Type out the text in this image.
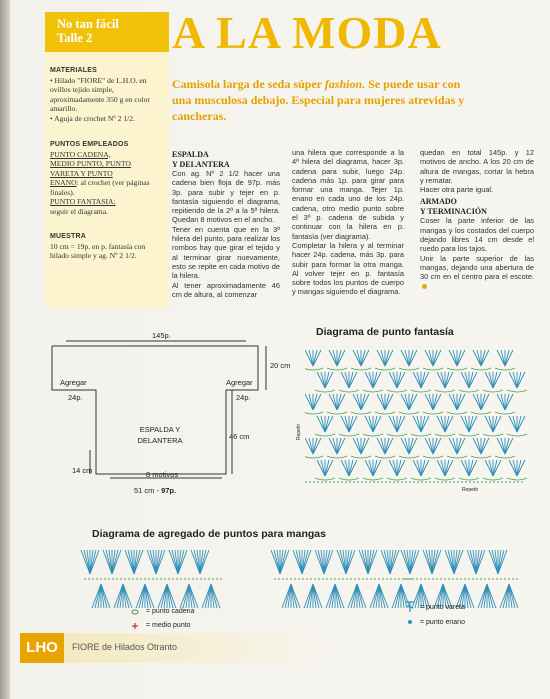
No tan fácil
Talle 2
MATERIALES
• Hilado "FIORE" de L.H.O. en ovillos tejido simple, aproximadamente 350 g en color amarillo.
• Aguja de crochet Nº 2 1/2.
PUNTOS EMPLEADOS
PUNTO CADENA,
MEDIO PUNTO, PUNTO
VARETA Y PUNTO
ENANO: al crochet (ver páginas finales).
PUNTO FANTASIA:
seguir el diagrama.
MUESTRA
10 cm = 19p. en p. fantasía con hilado simple y ag. Nº 2 1/2.
A LA MODA
Camisola larga de seda súper fashion. Se puede usar con una musculosa debajo. Especial para mujeres atrevidas y cancheras.
ESPALDA
Y DELANTERA

Con ag. Nº 2 1/2 hacer una cadena bien floja de 97p. más 3p. para subir y tejer en p. fantasía siguiendo el diagrama, repitiendo de la 2ª a la 5ª hilera. Quedan 8 motivos en el ancho.

Tener en cuenta que en la 3ª hilera del punto, para realizar los rombos hay que girar el tejido y al terminar girar nuevamente, esto se repite en cada motivo de la hilera.

Al tener aproximadamente 46 cm de altura, al comenzar

una hilera que corresponde a la 4ª hilera del diagrama, hacer 3p. cadena para subir, luego 24p. cadena más 1p. para girar para formar una manga. Tejer 1p. enano en cada uno de los 24p. cadena, otro medio punto sobre el 3º p. cadena de subida y continuar con la hilera en p. fantasía (ver diagrama).

Completar la hilera y al terminar hacer 24p. cadena, más 3p. para subir para formar la otra manga. Al volver tejer en p. fantasía sobre todos los puntos de cuerpo y mangas siguiendo el diagrama.

quedan en total 145p. y 12 motivos de ancho. A los 20 cm de altura de mangas, cortar la hebra y rematar.

Hacer otra parte igual.

ARMADO
Y TERMINACIÓN

Coser la parte inferior de las mangas y los costados del cuerpo dejando libres 14 cm desde el ruedo para los tajos.

Unir la parte superior de las mangas, dejando una abertura de 30 cm en el centro para el escote.

145p.
20 cm
Agregar	Agregar
24p.	24p.
ESPALDA Y
DELANTERA	46 cm
14 cm	8 motivos
51 cm - 97p.
Diagrama de punto fantasía
Repetir
Repetir
Diagrama de agregado de puntos para mangas
= punto cadena
= medio punto
= punto vareta
= punto enano
LHO	FIORE de Hilados Otranto
